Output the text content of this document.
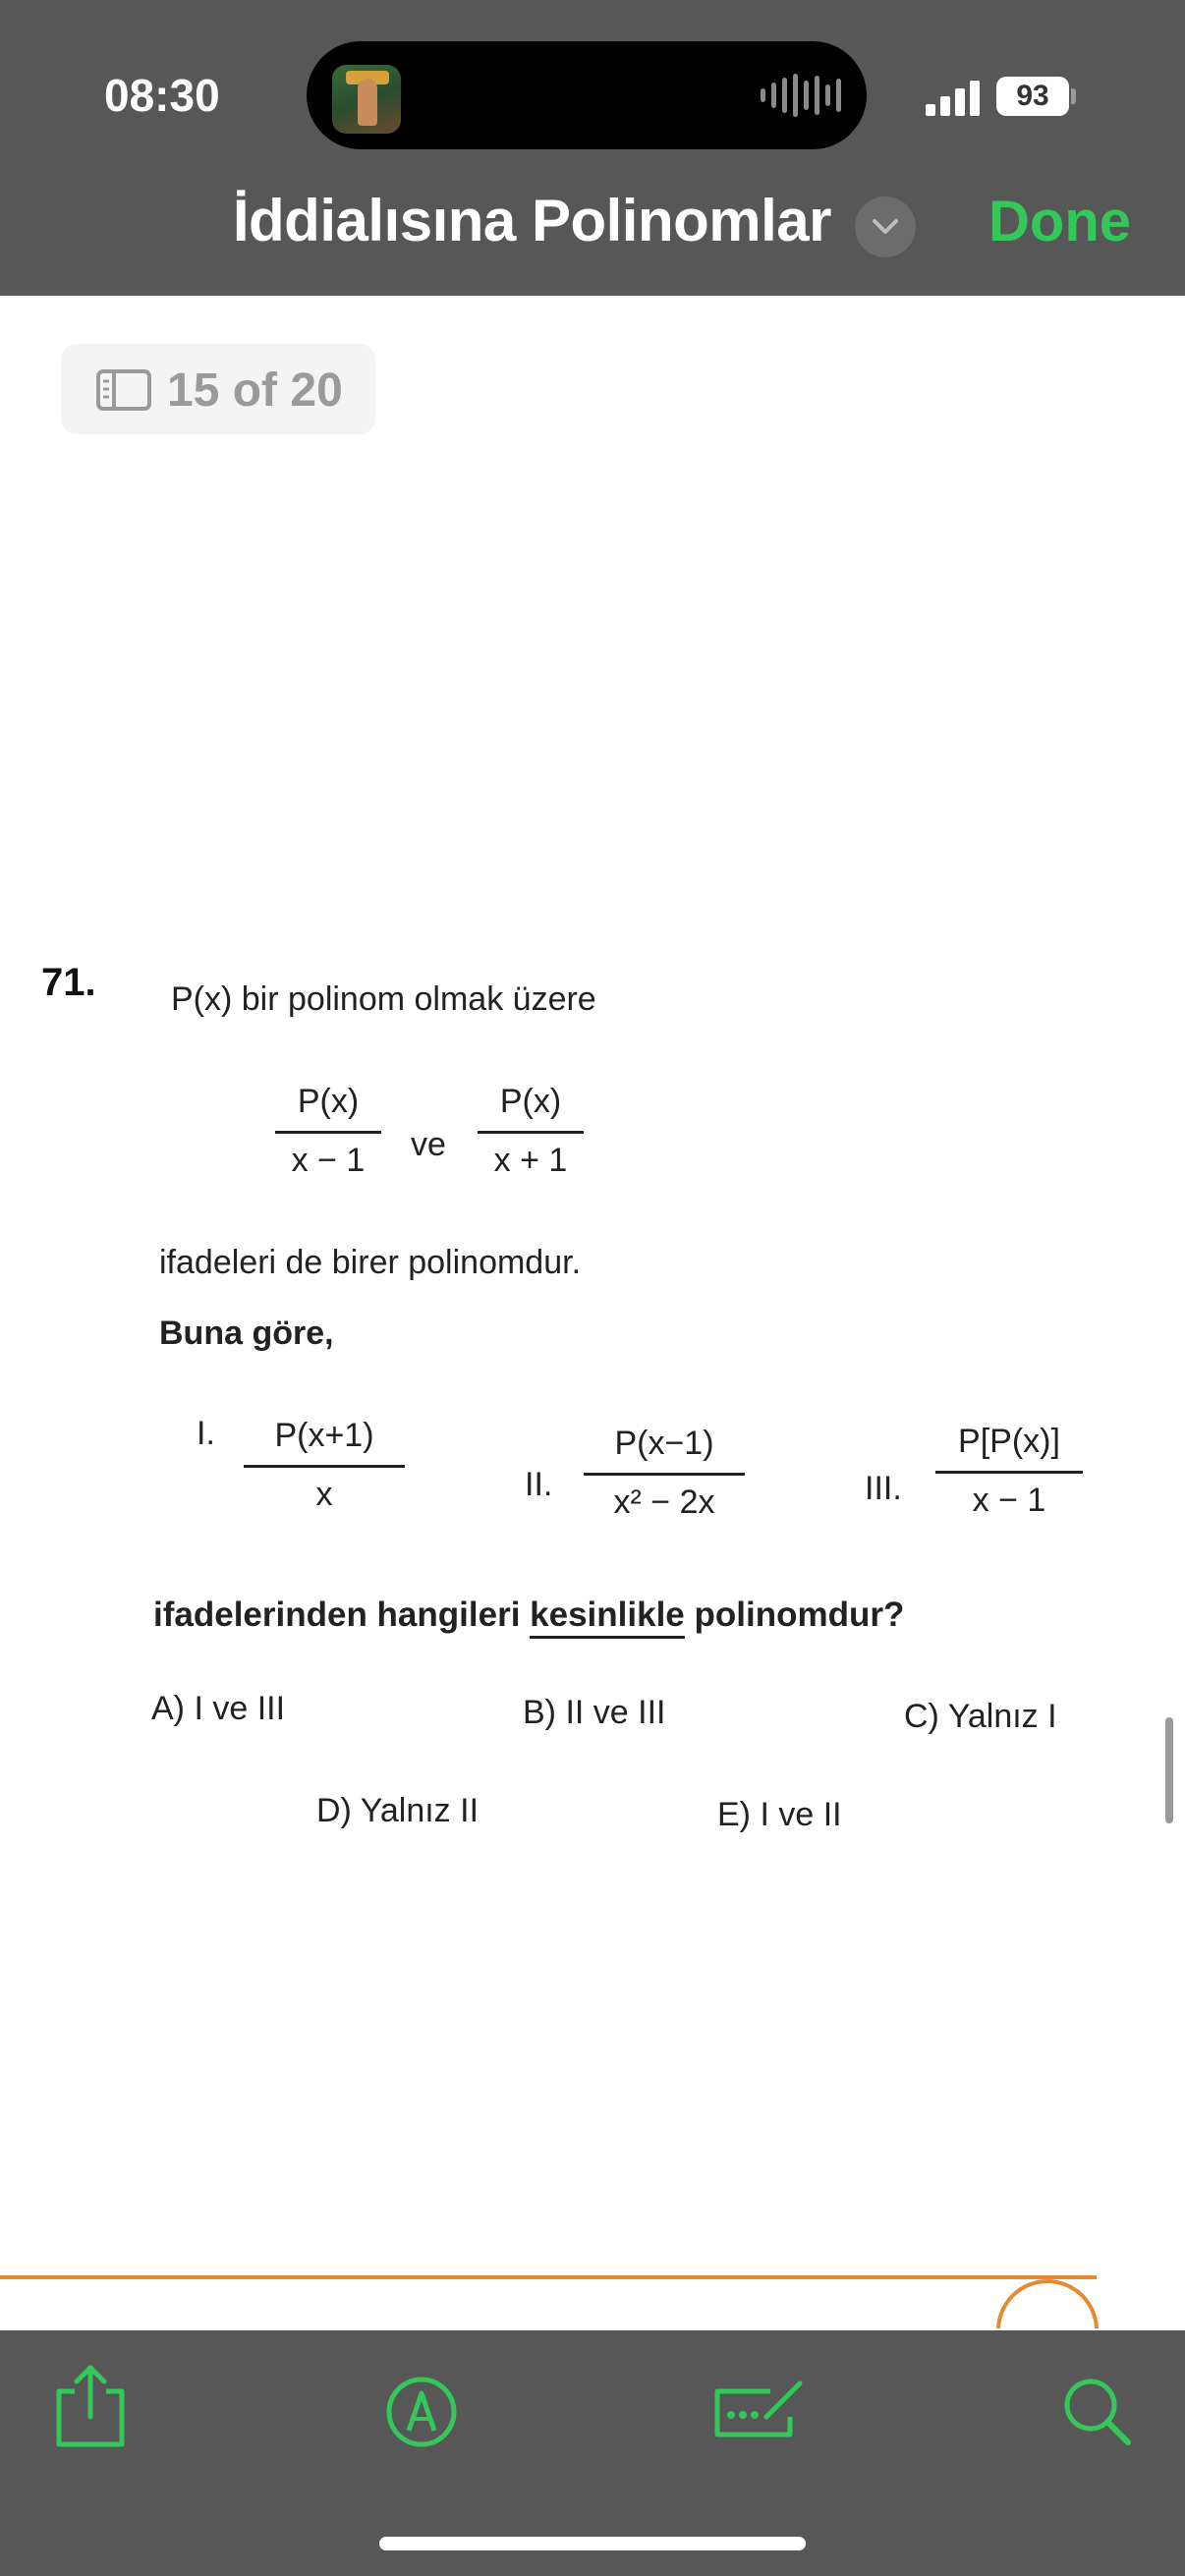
08:30	93
İddialısına Polinomlar	Done
15 of 20
71. P(x) bir polinom olmak üzere
P(x)
x − 1	ve
P(x)
x + 1
ifadeleri de birer polinomdur.
Buna göre,
I.	P(x+1)
x	II.
P(x−1)
x² − 2x	III.
P[P(x)]
x − 1
ifadelerinden hangileri kesinlikle polinomdur?
A) I ve III	B) II ve III	C) Yalnız I
D) Yalnız II	E) I ve II
